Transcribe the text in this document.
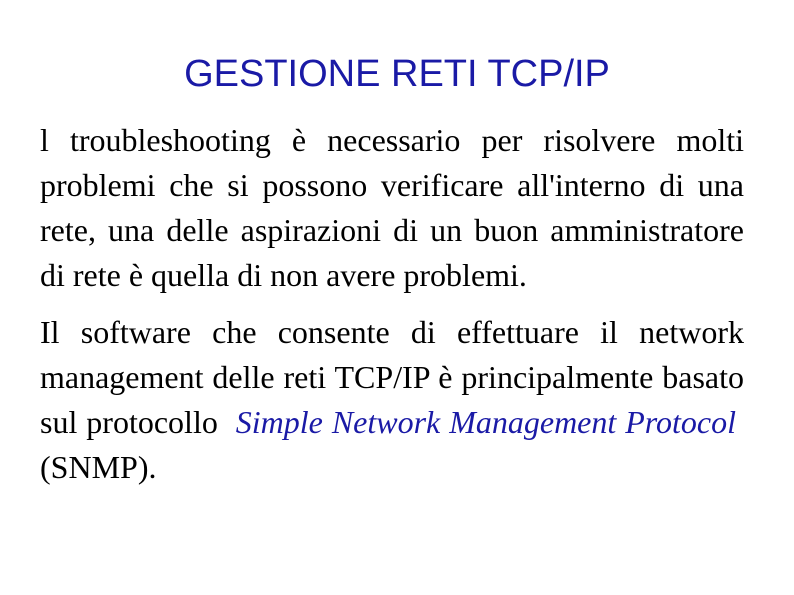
GESTIONE RETI TCP/IP

l troubleshooting è necessario per risolvere molti problemi che si possono verificare all'interno di una rete, una delle aspirazioni di un buon amministratore di rete è quella di non avere problemi.

Il software che consente di effettuare il network management delle reti TCP/IP è principalmente basato sul protocollo Simple Network Management Protocol  (SNMP).
